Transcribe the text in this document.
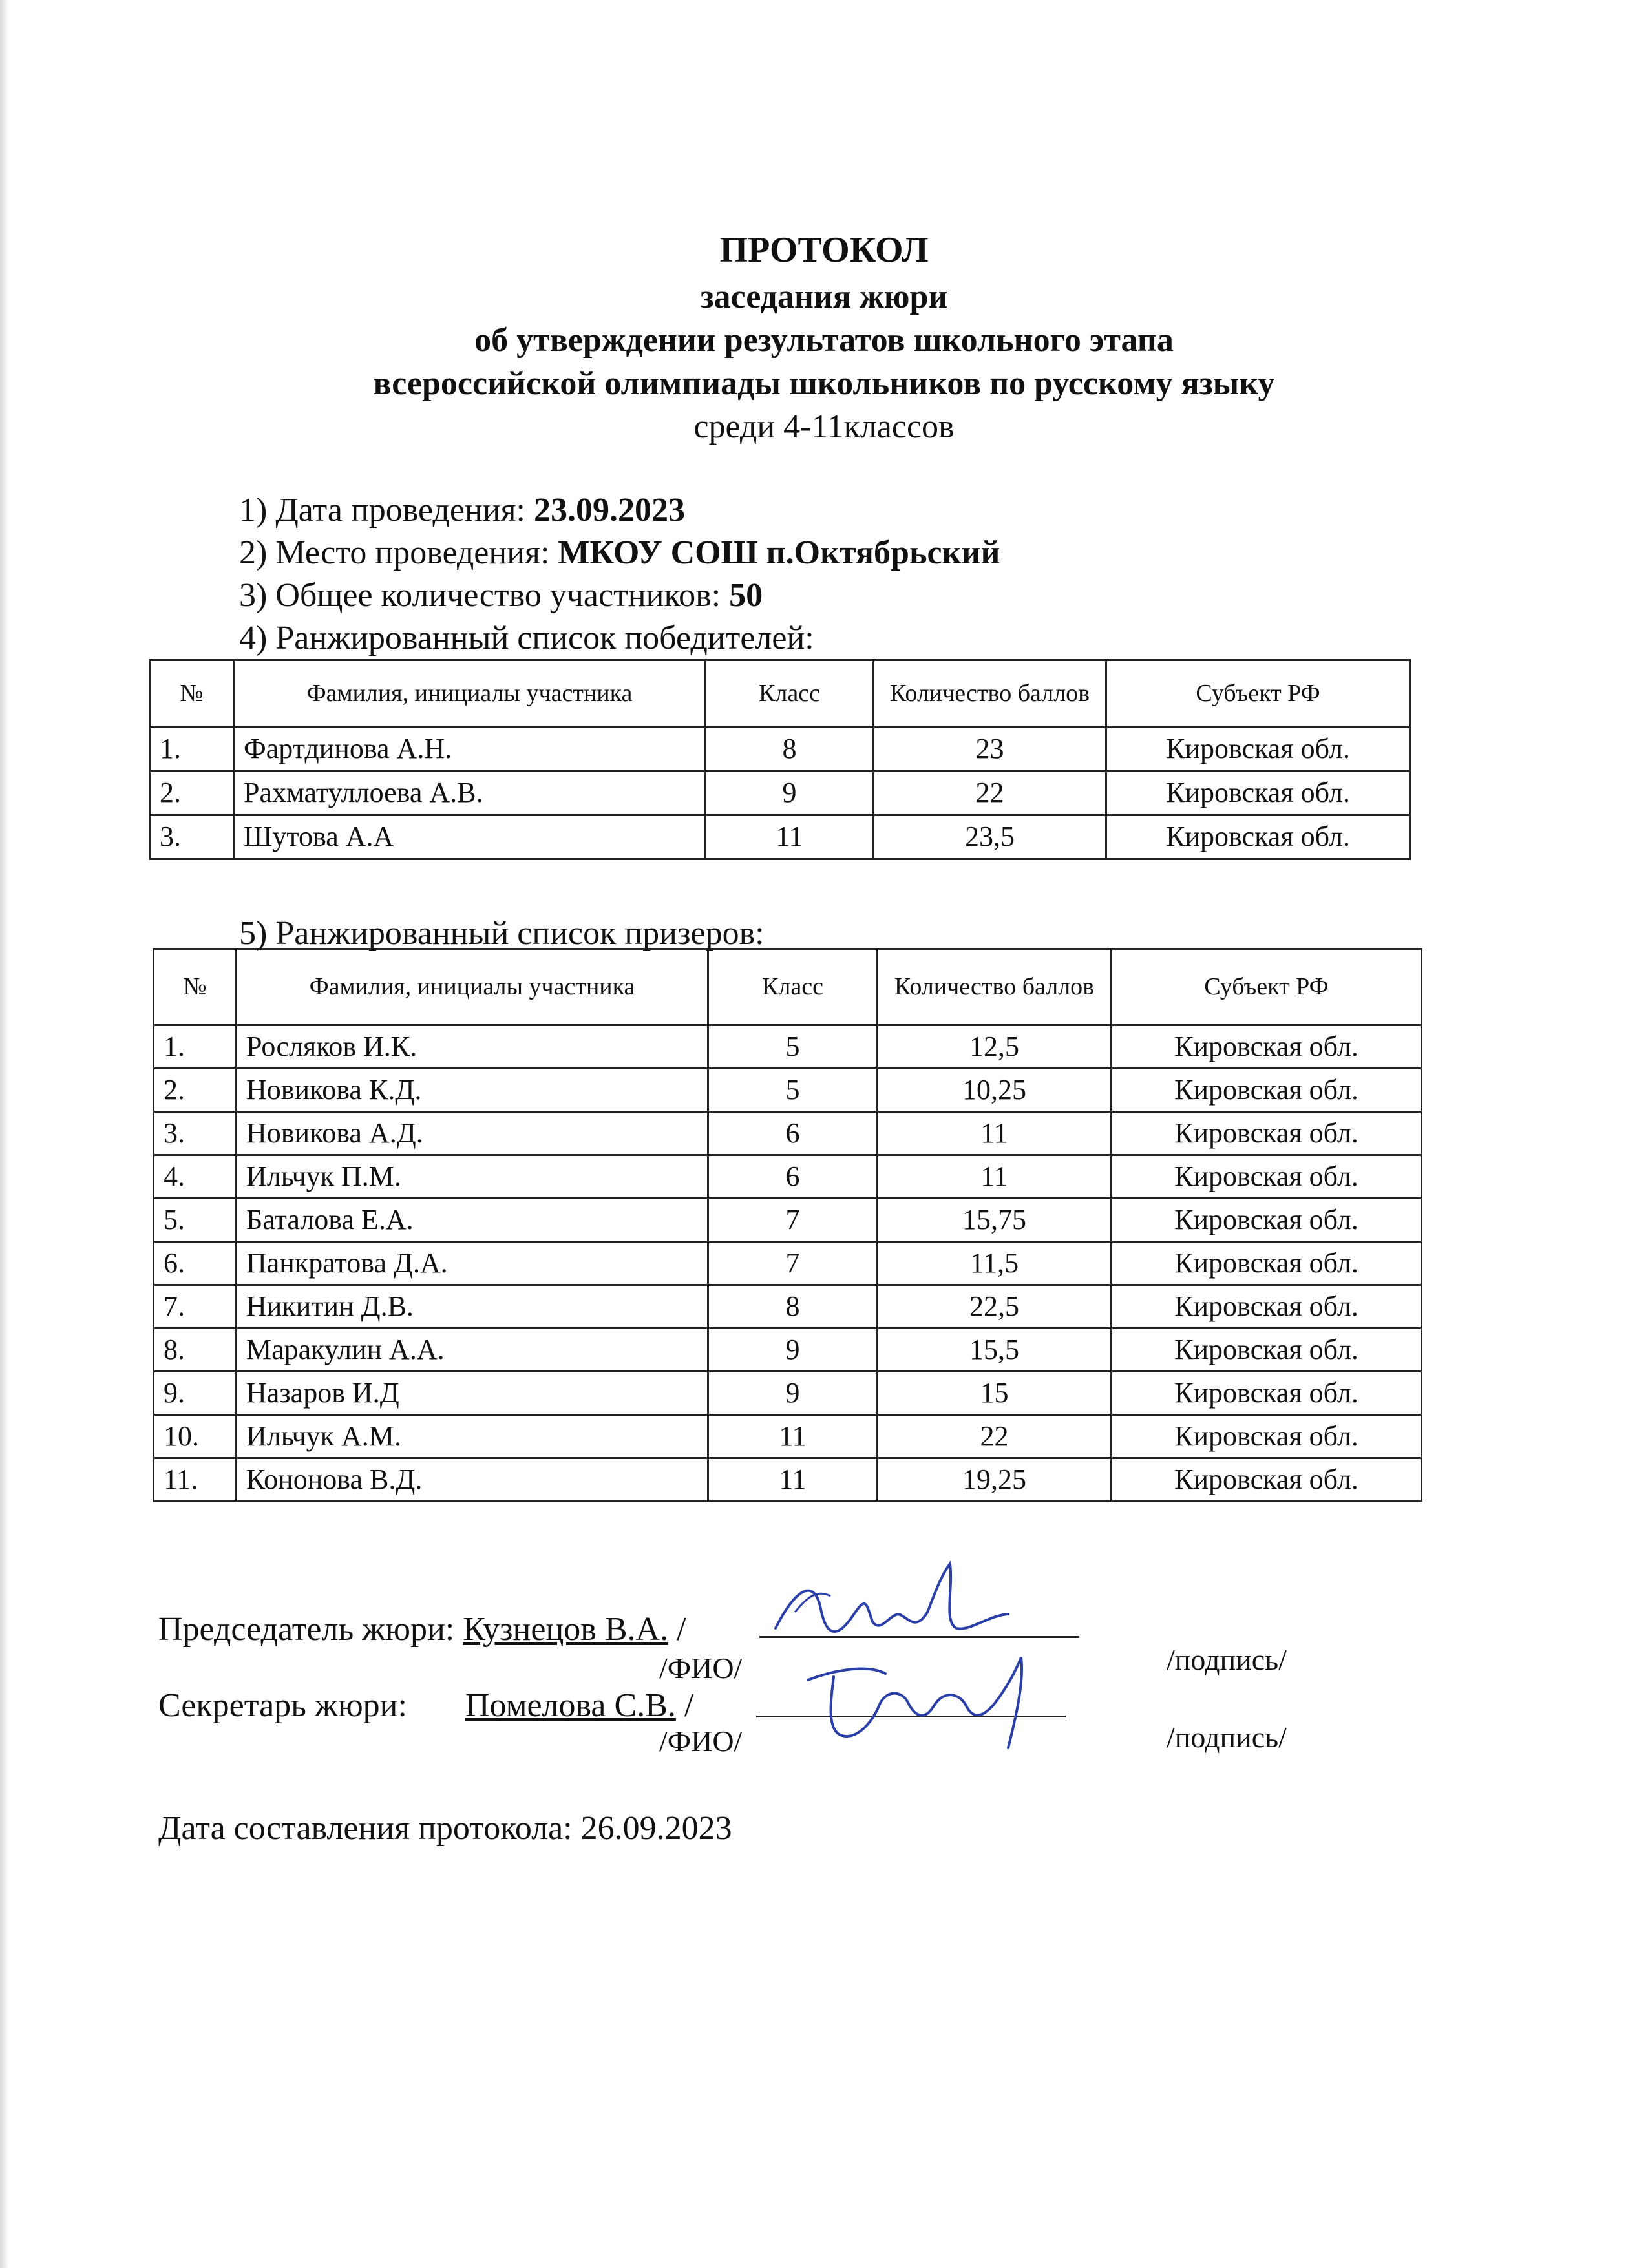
ПРОТОКОЛ
заседания жюри
об утверждении результатов школьного этапа
всероссийской олимпиады школьников по русскому языку
среди 4-11классов
1) Дата проведения: 23.09.2023
2) Место проведения: МКОУ СОШ п.Октябрьский
3) Общее количество участников: 50
4) Ранжированный список победителей:
№	Фамилия, инициалы участника	Класс	Количество баллов	Субъект РФ
1.	Фартдинова А.Н.	8	23	Кировская обл.
2.	Рахматуллоева А.В.	9	22	Кировская обл.
3.	Шутова А.А	11	23,5	Кировская обл.
5) Ранжированный список призеров:
№	Фамилия, инициалы участника	Класс	Количество баллов	Субъект РФ
1.	Росляков И.К.	5	12,5	Кировская обл.
2.	Новикова К.Д.	5	10,25	Кировская обл.
3.	Новикова А.Д.	6	11	Кировская обл.
4.	Ильчук П.М.	6	11	Кировская обл.
5.	Баталова Е.А.	7	15,75	Кировская обл.
6.	Панкратова Д.А.	7	11,5	Кировская обл.
7.	Никитин Д.В.	8	22,5	Кировская обл.
8.	Маракулин А.А.	9	15,5	Кировская обл.
9.	Назаров И.Д	9	15	Кировская обл.
10.	Ильчук А.М.	11	22	Кировская обл.
11.	Кононова В.Д.	11	19,25	Кировская обл.
Председатель жюри: Кузнецов В.А. /
/ФИО/	/подпись/
Секретарь жюри: Помелова С.В. /
/ФИО/	/подпись/
Дата составления протокола: 26.09.2023
